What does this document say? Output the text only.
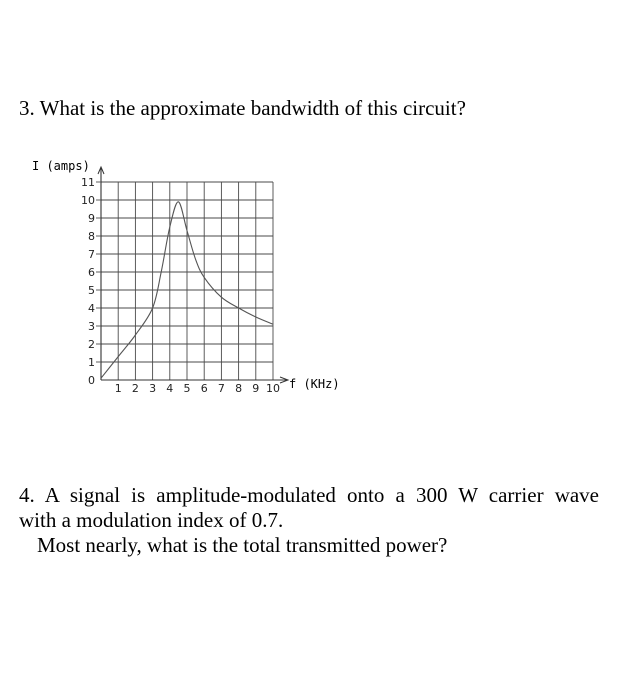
3. What is the approximate bandwidth of this circuit?
0
1
2
3
4
5
6
7
8
9
10
11
1 2 3 4 5 6 7 8 9 10
I (amps)
f (KHz)

4. A signal is amplitude-modulated onto a 300 W carrier wave

with a modulation index of 0.7.

Most nearly, what is the total transmitted power?
